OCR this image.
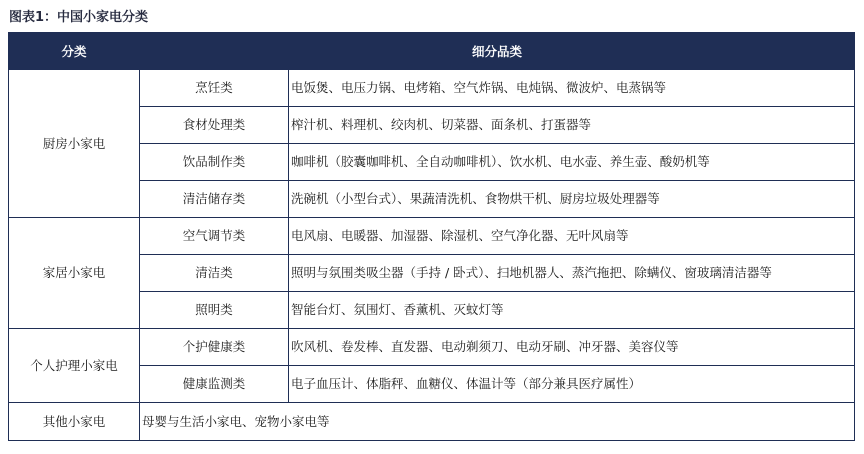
图表1：中国小家电分类
分类	细分品类	
厨房小家电	烹饪类	电饭煲、电压力锅、电烤箱、空气炸锅、电炖锅、微波炉、电蒸锅等
	食材处理类	榨汁机、料理机、绞肉机、切菜器、面条机、打蛋器等
	饮品制作类	咖啡机（胶囊咖啡机、全自动咖啡机）、饮水机、电水壶、养生壶、酸奶机等
	清洁储存类	洗碗机（小型台式）、果蔬清洗机、食物烘干机、厨房垃圾处理器等
家居小家电	空气调节类	电风扇、电暖器、加湿器、除湿机、空气净化器、无叶风扇等
	清洁类	照明与氛围类吸尘器（手持 / 卧式）、扫地机器人、蒸汽拖把、除螨仪、窗玻璃清洁器等
	照明类	智能台灯、氛围灯、香薰机、灭蚊灯等
个人护理小家电	个护健康类	吹风机、卷发棒、直发器、电动剃须刀、电动牙刷、冲牙器、美容仪等
	健康监测类	电子血压计、体脂秤、血糖仪、体温计等（部分兼具医疗属性）
其他小家电	母婴与生活小家电、宠物小家电等	
